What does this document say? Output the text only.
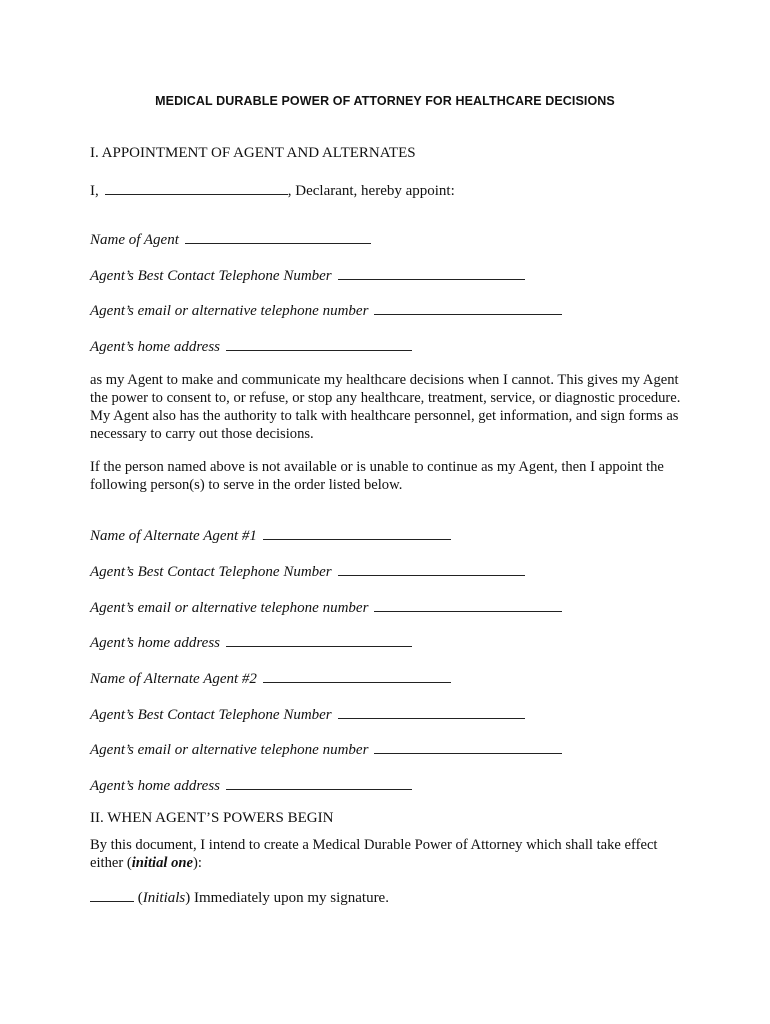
MEDICAL DURABLE POWER OF ATTORNEY FOR HEALTHCARE DECISIONS
I. APPOINTMENT OF AGENT AND ALTERNATES
I,	, Declarant, hereby appoint:
Name of Agent
Agent’s Best Contact Telephone Number
Agent’s email or alternative telephone number
Agent’s home address
as my Agent to make and communicate my healthcare decisions when I cannot. This gives my Agent the power to consent to, or refuse, or stop any healthcare, treatment, service, or diagnostic procedure. My Agent also has the authority to talk with healthcare personnel, get information, and sign forms as necessary to carry out those decisions.
If the person named above is not available or is unable to continue as my Agent, then I appoint the following person(s) to serve in the order listed below.
Name of Alternate Agent #1
Agent’s Best Contact Telephone Number
Agent’s email or alternative telephone number
Agent’s home address
Name of Alternate Agent #2
Agent’s Best Contact Telephone Number
Agent’s email or alternative telephone number
Agent’s home address
II. WHEN AGENT’S POWERS BEGIN
By this document, I intend to create a Medical Durable Power of Attorney which shall take effect either (initial one):
(Initials) Immediately upon my signature.
